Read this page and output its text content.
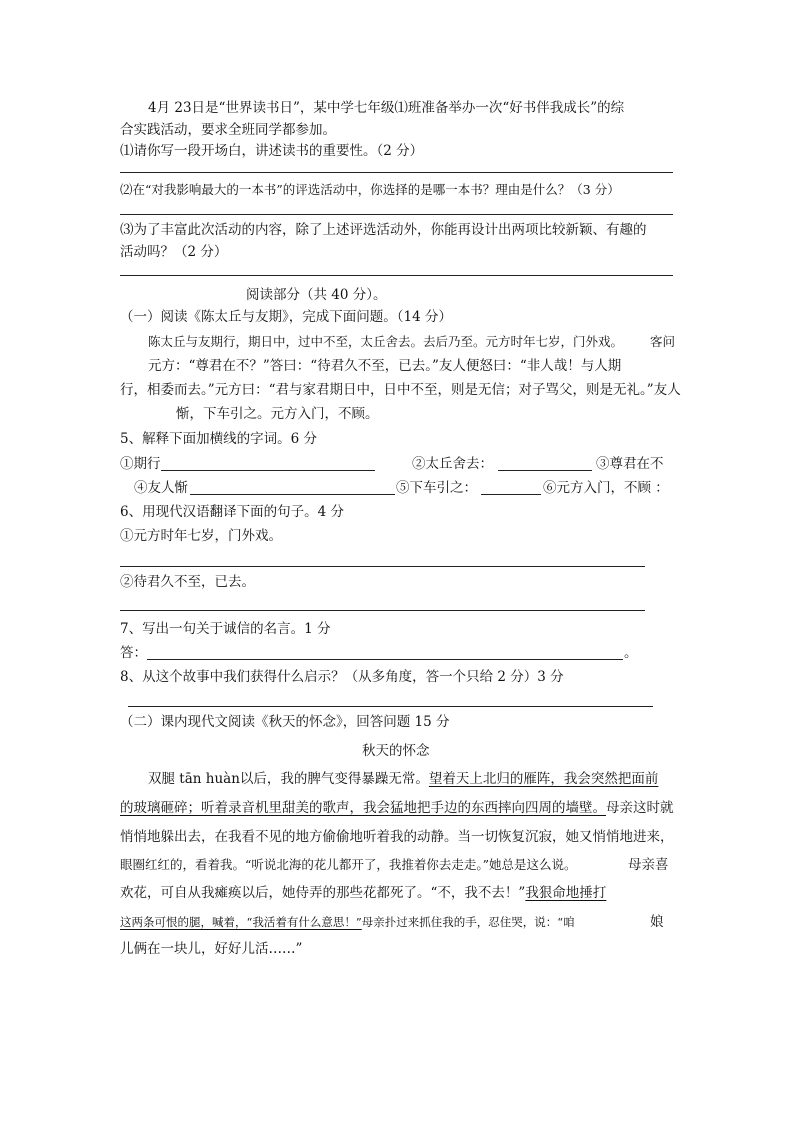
4月 23日是“世界读书日”，某中学七年级⑴班准备举办一次“好书伴我成长”的综
合实践活动，要求全班同学都参加。
⑴请你写一段开场白，讲述读书的重要性。（2 分）
⑵在“对我影响最大的一本书”的评选活动中，你选择的是哪一本书？理由是什么？（3 分）
⑶为了丰富此次活动的内容，除了上述评选活动外，你能再设计出两项比较新颖、有趣的
活动吗？（2 分）
阅读部分（共 40 分）。
（一）阅读《陈太丘与友期》，完成下面问题。（14 分）
陈太丘与友期行，期日中，过中不至，太丘舍去。去后乃至。元方时年七岁，门外戏。 客问
元方：“尊君在不？”答曰：“待君久不至，已去。”友人便怒曰：“非人哉！与人期
行，相委而去。”元方曰：“君与家君期日中，日中不至，则是无信；对子骂父，则是无礼。”友人
惭，下车引之。元方入门，不顾。
5、解释下面加横线的字词。6 分
①期行	②太丘舍去：	③尊君在不
④友人惭	⑤下车引之：	⑥元方入门，不顾 ：
6、用现代汉语翻译下面的句子。4 分
①元方时年七岁，门外戏。
②待君久不至，已去。
7、写出一句关于诚信的名言。1 分
答：	。
8、从这个故事中我们获得什么启示？（从多角度，答一个只给 2 分）3 分
（二）课内现代文阅读《秋天的怀念》，回答问题 15 分
秋天的怀念
双腿 tān huàn以后，我的脾气变得暴躁无常。望着天上北归的雁阵，我会突然把面前
的玻璃砸碎；听着录音机里甜美的歌声，我会猛地把手边的东西摔向四周的墙壁。母亲这时就
悄悄地躲出去，在我看不见的地方偷偷地听着我的动静。当一切恢复沉寂，她又悄悄地进来，
眼圈红红的，看着我。“听说北海的花儿都开了，我推着你去走走。”她总是这么说。	母亲喜
欢花，可自从我瘫痪以后，她侍弄的那些花都死了。“不，我不去！”我狠命地捶打
这两条可恨的腿，喊着，“我活着有什么意思！”母亲扑过来抓住我的手，忍住哭，说：“咱	娘
儿俩在一块儿，好好儿活……”
